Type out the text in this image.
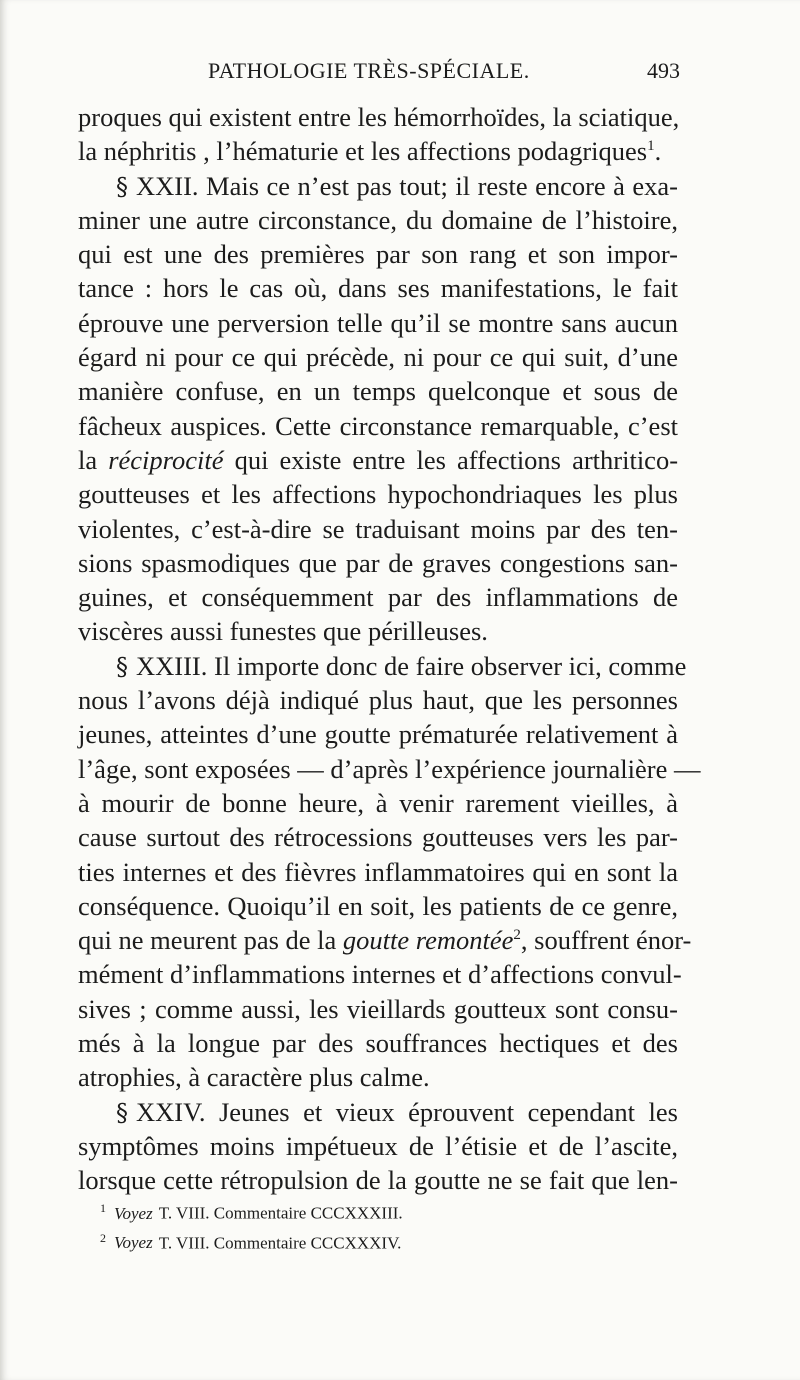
PATHOLOGIE TRÈS-SPÉCIALE.	493
proques qui existent entre les hémorrhoïdes, la sciatique,
la néphritis , l’hématurie et les affections podagriques$^1$.
§ XXII. Mais ce n’est pas tout; il reste encore à exa-
miner une autre circonstance, du domaine de l’histoire,
qui est une des premières par son rang et son impor-
tance : hors le cas où, dans ses manifestations, le fait
éprouve une perversion telle qu’il se montre sans aucun
égard ni pour ce qui précède, ni pour ce qui suit, d’une
manière confuse, en un temps quelconque et sous de
fâcheux auspices. Cette circonstance remarquable, c’est
la réciprocité qui existe entre les affections arthritico-
goutteuses et les affections hypochondriaques les plus
violentes, c’est-à-dire se traduisant moins par des ten-
sions spasmodiques que par de graves congestions san-
guines, et conséquemment par des inflammations de
viscères aussi funestes que périlleuses.
§ XXIII. Il importe donc de faire observer ici, comme
nous l’avons déjà indiqué plus haut, que les personnes
jeunes, atteintes d’une goutte prématurée relativement à
l’âge, sont exposées — d’après l’expérience journalière —
à mourir de bonne heure, à venir rarement vieilles, à
cause surtout des rétrocessions goutteuses vers les par-
ties internes et des fièvres inflammatoires qui en sont la
conséquence. Quoiqu’il en soit, les patients de ce genre,
qui ne meurent pas de la goutte remontée$^2$, souffrent énor-
mément d’inflammations internes et d’affections convul-
sives ; comme aussi, les vieillards goutteux sont consu-
més à la longue par des souffrances hectiques et des
atrophies, à caractère plus calme.
§ XXIV. Jeunes et vieux éprouvent cependant les
symptômes moins impétueux de l’étisie et de l’ascite,
lorsque cette rétropulsion de la goutte ne se fait que len-
$^1$ Voyez T. VIII. Commentaire CCCXXXIII.
$^2$ Voyez T. VIII. Commentaire CCCXXXIV.
